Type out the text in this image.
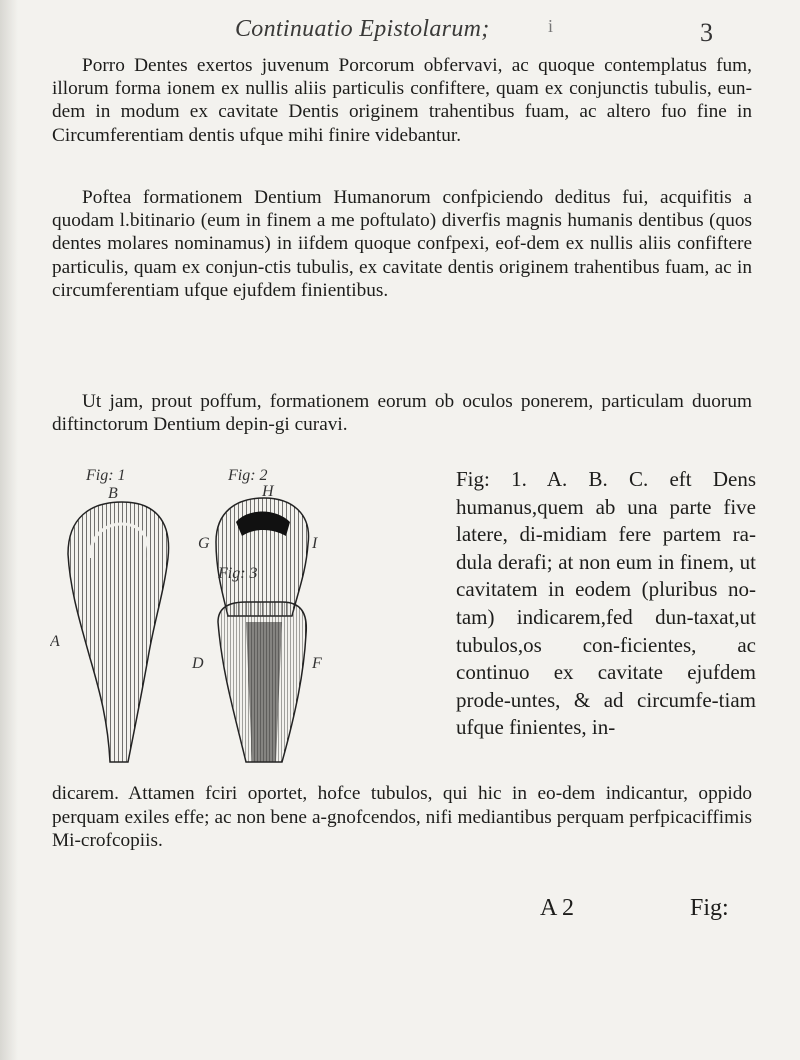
Continuatio Epistolarum;	i	3

Porro Dentes exertos juvenum Porcorum obfervavi, ac quoque contemplatus fum, illorum forma ionem ex nullis aliis particulis confiftere, quam ex conjunctis tubulis, eun-dem in modum ex cavitate Dentis originem trahentibus fuam, ac altero fuo fine in Circumferentiam dentis ufque mihi finire videbantur.

Poftea formationem Dentium Humanorum confpiciendo deditus fui, acquifitis a quodam l.bitinario (eum in finem a me poftulato) diverfis magnis humanis dentibus (quos dentes molares nominamus) in iifdem quoque confpexi, eof-dem ex nullis aliis confiftere particulis, quam ex conjun-ctis tubulis, ex cavitate dentis originem trahentibus fuam, ac in circumferentiam ufque ejufdem finientibus.

Ut jam, prout poffum, formationem eorum ob oculos ponerem, particulam duorum diftinctorum Dentium depin-gi curavi.

Fig: 1
B
A
Fig: 2
H
G	I
Fig: 3
D	F

Fig: 1. A. B. C. eft Dens humanus,quem ab una parte five latere, di-midiam fere partem ra-dula derafi; at non eum in finem, ut cavitatem in eodem (pluribus no-tam) indicarem,fed dun-taxat,ut tubulos,os con-ficientes, ac continuo ex cavitate ejufdem prode-untes, & ad circumfe-tiam ufque finientes, in-

dicarem. Attamen fciri oportet, hofce tubulos, qui hic in eo-dem indicantur, oppido perquam exiles effe; ac non bene a-gnofcendos, nifi mediantibus perquam perfpicaciffimis Mi-crofcopiis.

A 2	Fig:
